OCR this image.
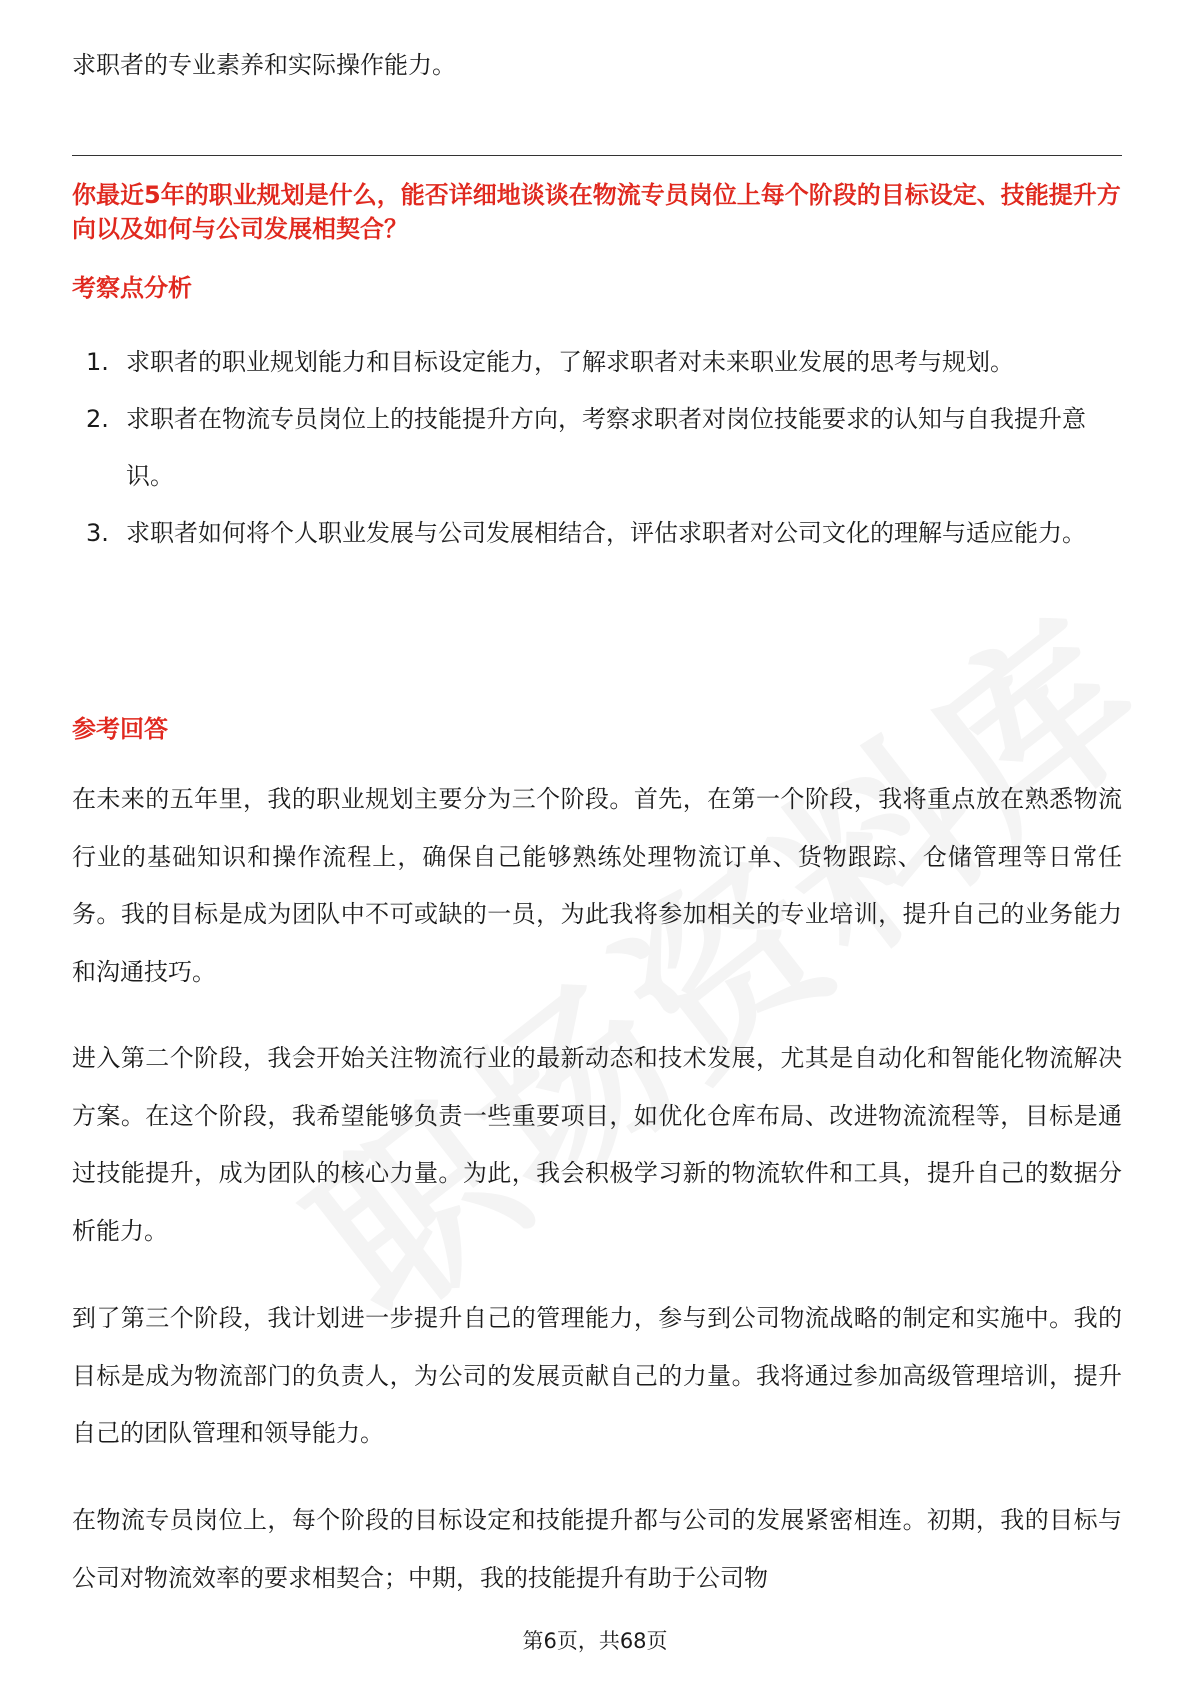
求职者的专业素养和实际操作能力。

你最近5年的职业规划是什么，能否详细地谈谈在物流专员岗位上每个阶段的目标设定、技能提升方向以及如何与公司发展相契合？

考察点分析
1. 求职者的职业规划能力和目标设定能力，了解求职者对未来职业发展的思考与规划。
2. 求职者在物流专员岗位上的技能提升方向，考察求职者对岗位技能要求的认知与自我提升意识。
3. 求职者如何将个人职业发展与公司发展相结合，评估求职者对公司文化的理解与适应能力。
参考回答

在未来的五年里，我的职业规划主要分为三个阶段。首先，在第一个阶段，我将重点放在熟悉物流行业的基础知识和操作流程上，确保自己能够熟练处理物流订单、货物跟踪、仓储管理等日常任务。我的目标是成为团队中不可或缺的一员，为此我将参加相关的专业培训，提升自己的业务能力和沟通技巧。

进入第二个阶段，我会开始关注物流行业的最新动态和技术发展，尤其是自动化和智能化物流解决方案。在这个阶段，我希望能够负责一些重要项目，如优化仓库布局、改进物流流程等，目标是通过技能提升，成为团队的核心力量。为此，我会积极学习新的物流软件和工具，提升自己的数据分析能力。

到了第三个阶段，我计划进一步提升自己的管理能力，参与到公司物流战略的制定和实施中。我的目标是成为物流部门的负责人，为公司的发展贡献自己的力量。我将通过参加高级管理培训，提升自己的团队管理和领导能力。

在物流专员岗位上，每个阶段的目标设定和技能提升都与公司的发展紧密相连。初期，我的目标与公司对物流效率的要求相契合；中期，我的技能提升有助于公司物

第6页，共68页
